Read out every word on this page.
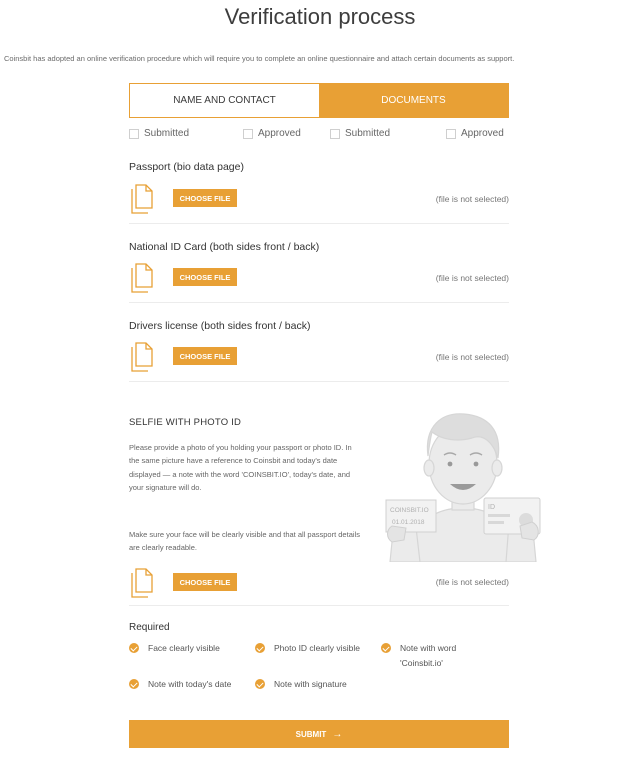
Verification process

Coinsbit has adopted an online verification procedure which will require you to complete an online questionnaire and attach certain documents as support.

NAME AND CONTACT	DOCUMENTS
Submitted	Approved	Submitted	Approved
Passport (bio data page)
CHOOSE FILE	(file is not selected)
National ID Card (both sides front / back)
CHOOSE FILE	(file is not selected)
Drivers license (both sides front / back)
CHOOSE FILE	(file is not selected)
SELFIE WITH PHOTO ID

Please provide a photo of you holding your passport or photo ID. In the same picture have a reference to Coinsbit and today's date displayed — a note with the word 'COINSBIT.IO', today's date, and your signature will do.

Make sure your face will be clearly visible and that all passport details are clearly readable.

COINSBIT.IO
01.01.2018
ID
CHOOSE FILE	(file is not selected)
Required
Face clearly visible	Photo ID clearly visible	Note with word 'Coinsbit.io'
Note with today's date	Note with signature
SUBMIT →
